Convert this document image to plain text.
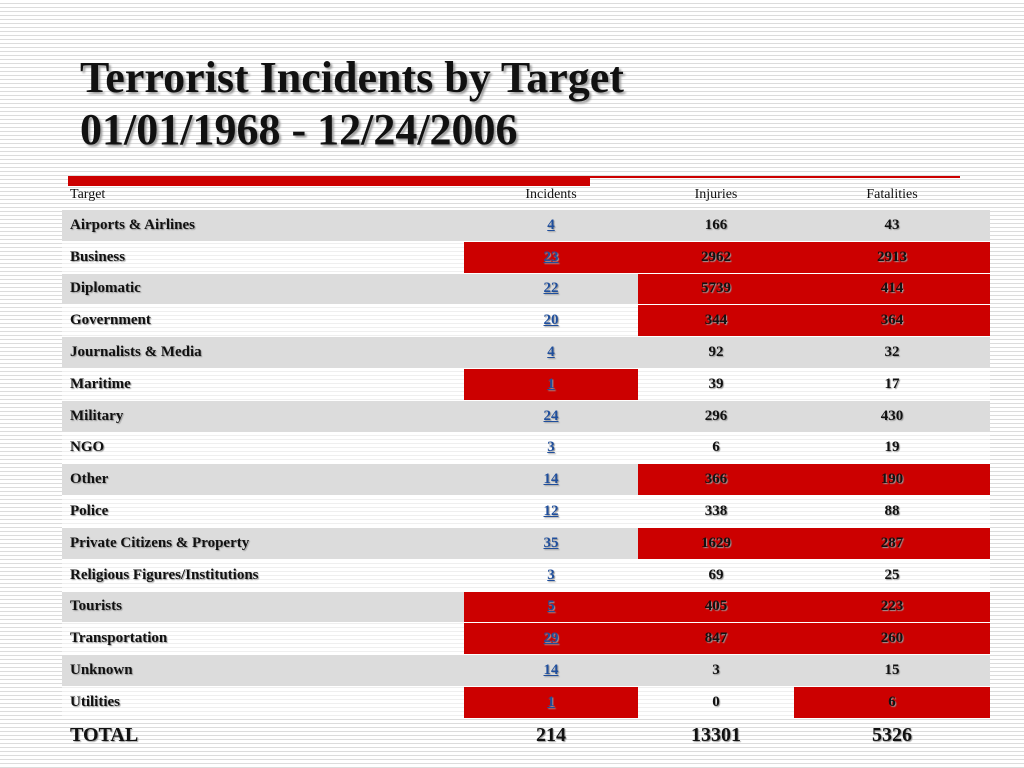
Terrorist Incidents by Target
01/01/1968 - 12/24/2006
Target	Incidents	Injuries	Fatalities
Airports & Airlines	4	166	43
Business	23	2962	2913
Diplomatic	22	5739	414
Government	20	344	364
Journalists & Media	4	92	32
Maritime	1	39	17
Military	24	296	430
NGO	3	6	19
Other	14	366	190
Police	12	338	88
Private Citizens & Property	35	1629	287
Religious Figures/Institutions	3	69	25
Tourists	5	405	223
Transportation	29	847	260
Unknown	14	3	15
Utilities	1	0	6
TOTAL	214	13301	5326
